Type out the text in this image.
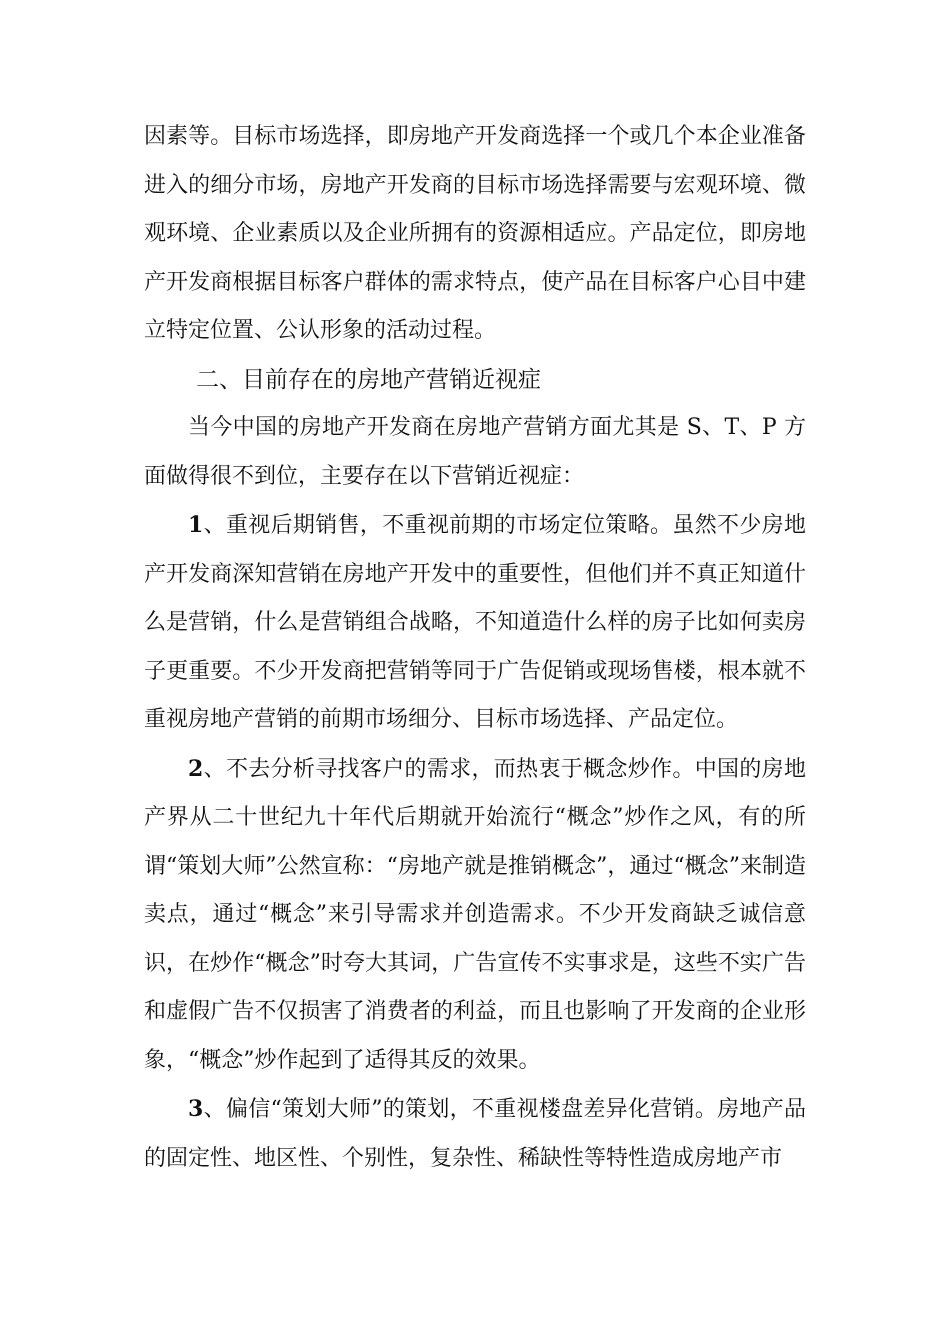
因素等。目标市场选择，即房地产开发商选择一个或几个本企业准备进入的细分市场，房地产开发商的目标市场选择需要与宏观环境、微观环境、企业素质以及企业所拥有的资源相适应。产品定位，即房地产开发商根据目标客户群体的需求特点，使产品在目标客户心目中建立特定位置、公认形象的活动过程。

二、目前存在的房地产营销近视症

当今中国的房地产开发商在房地产营销方面尤其是 S、T、P 方面做得很不到位，主要存在以下营销近视症：

1、重视后期销售，不重视前期的市场定位策略。虽然不少房地产开发商深知营销在房地产开发中的重要性，但他们并不真正知道什么是营销，什么是营销组合战略，不知道造什么样的房子比如何卖房子更重要。不少开发商把营销等同于广告促销或现场售楼，根本就不重视房地产营销的前期市场细分、目标市场选择、产品定位。

2、不去分析寻找客户的需求，而热衷于概念炒作。中国的房地产界从二十世纪九十年代后期就开始流行“概念”炒作之风，有的所谓“策划大师”公然宣称：“房地产就是推销概念”，通过“概念”来制造卖点，通过“概念”来引导需求并创造需求。不少开发商缺乏诚信意识，在炒作“概念”时夸大其词，广告宣传不实事求是，这些不实广告和虚假广告不仅损害了消费者的利益，而且也影响了开发商的企业形象，“概念”炒作起到了适得其反的效果。

3、偏信“策划大师”的策划，不重视楼盘差异化营销。房地产品的固定性、地区性、个别性，复杂性、稀缺性等特性造成房地产市
